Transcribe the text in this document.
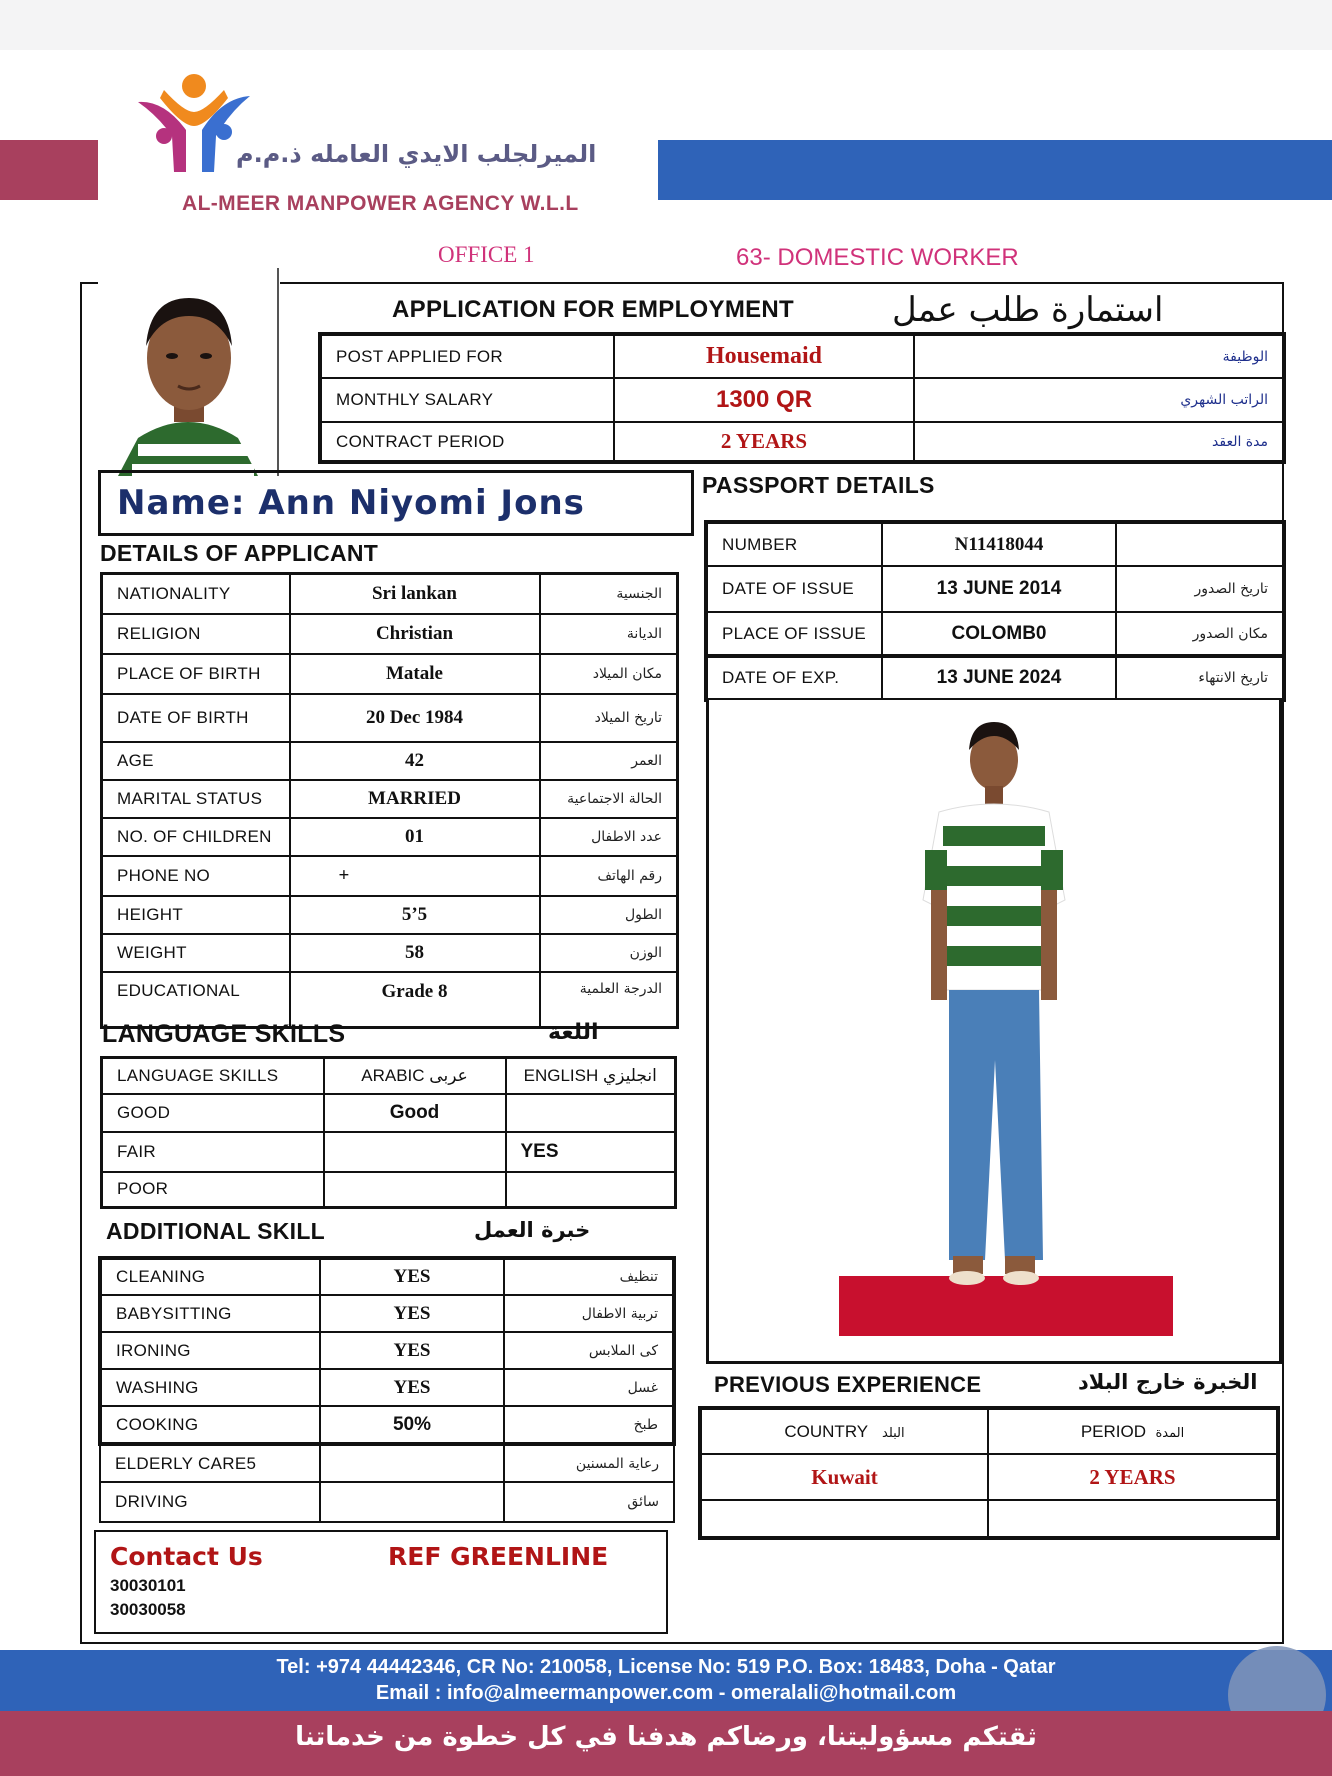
الميرلجلب الايدي العامله ذ.م.م
AL-MEER MANPOWER AGENCY W.L.L
OFFICE 1	63- DOMESTIC WORKER
APPLICATION FOR EMPLOYMENT	استمارة طلب عمل
POST APPLIED FOR	Housemaid	الوظيفة
MONTHLY SALARY	1300 QR	الراتب الشهري
CONTRACT PERIOD	2 YEARS	مدة العقد
Name: Ann Niyomi Jons
DETAILS OF APPLICANT
NATIONALITY	Sri lankan	الجنسية
RELIGION	Christian	الديانة
PLACE OF BIRTH	Matale	مكان الميلاد
DATE OF BIRTH	20 Dec 1984	تاريخ الميلاد
AGE	42	العمر
MARITAL STATUS	MARRIED	الحالة الاجتماعية
NO. OF CHILDREN	01	عدد الاطفال
PHONE NO	+	رقم الهاتف
HEIGHT	5’5	الطول
WEIGHT	58	الوزن
EDUCATIONAL	Grade 8	الدرجة العلمية
LANGUAGE SKILLS	اللغة
LANGUAGE SKILLS	ARABIC عربى	ENGLISH انجليزي
GOOD	Good	
FAIR		YES
POOR		
ADDITIONAL SKILL	خبرة العمل
CLEANING	YES	تنظيف
BABYSITTING	YES	تربية الاطفال
IRONING	YES	كى الملابس
WASHING	YES	غسل
COOKING	50%	طبخ
ELDERLY CARE5		رعاية المسنين
DRIVING		سائق
Contact Us	REF GREENLINE
30030101
30030058
PASSPORT DETAILS
NUMBER	N11418044	
DATE OF ISSUE	13 JUNE 2014	تاريخ الصدور
PLACE OF ISSUE	COLOMB0	مكان الصدور
DATE OF EXP.	13 JUNE 2024	تاريخ الانتهاء
PREVIOUS EXPERIENCE	الخبرة خارج البلاد
COUNTRY البلد	PERIOD المدة
Kuwait	2 YEARS

Tel: +974 44442346, CR No: 210058, License No: 519 P.O. Box: 18483, Doha - Qatar
Email : info@almeermanpower.com - omeralali@hotmail.com
ثقتكم مسؤوليتنا، ورضاكم هدفنا في كل خطوة من خدماتنا
